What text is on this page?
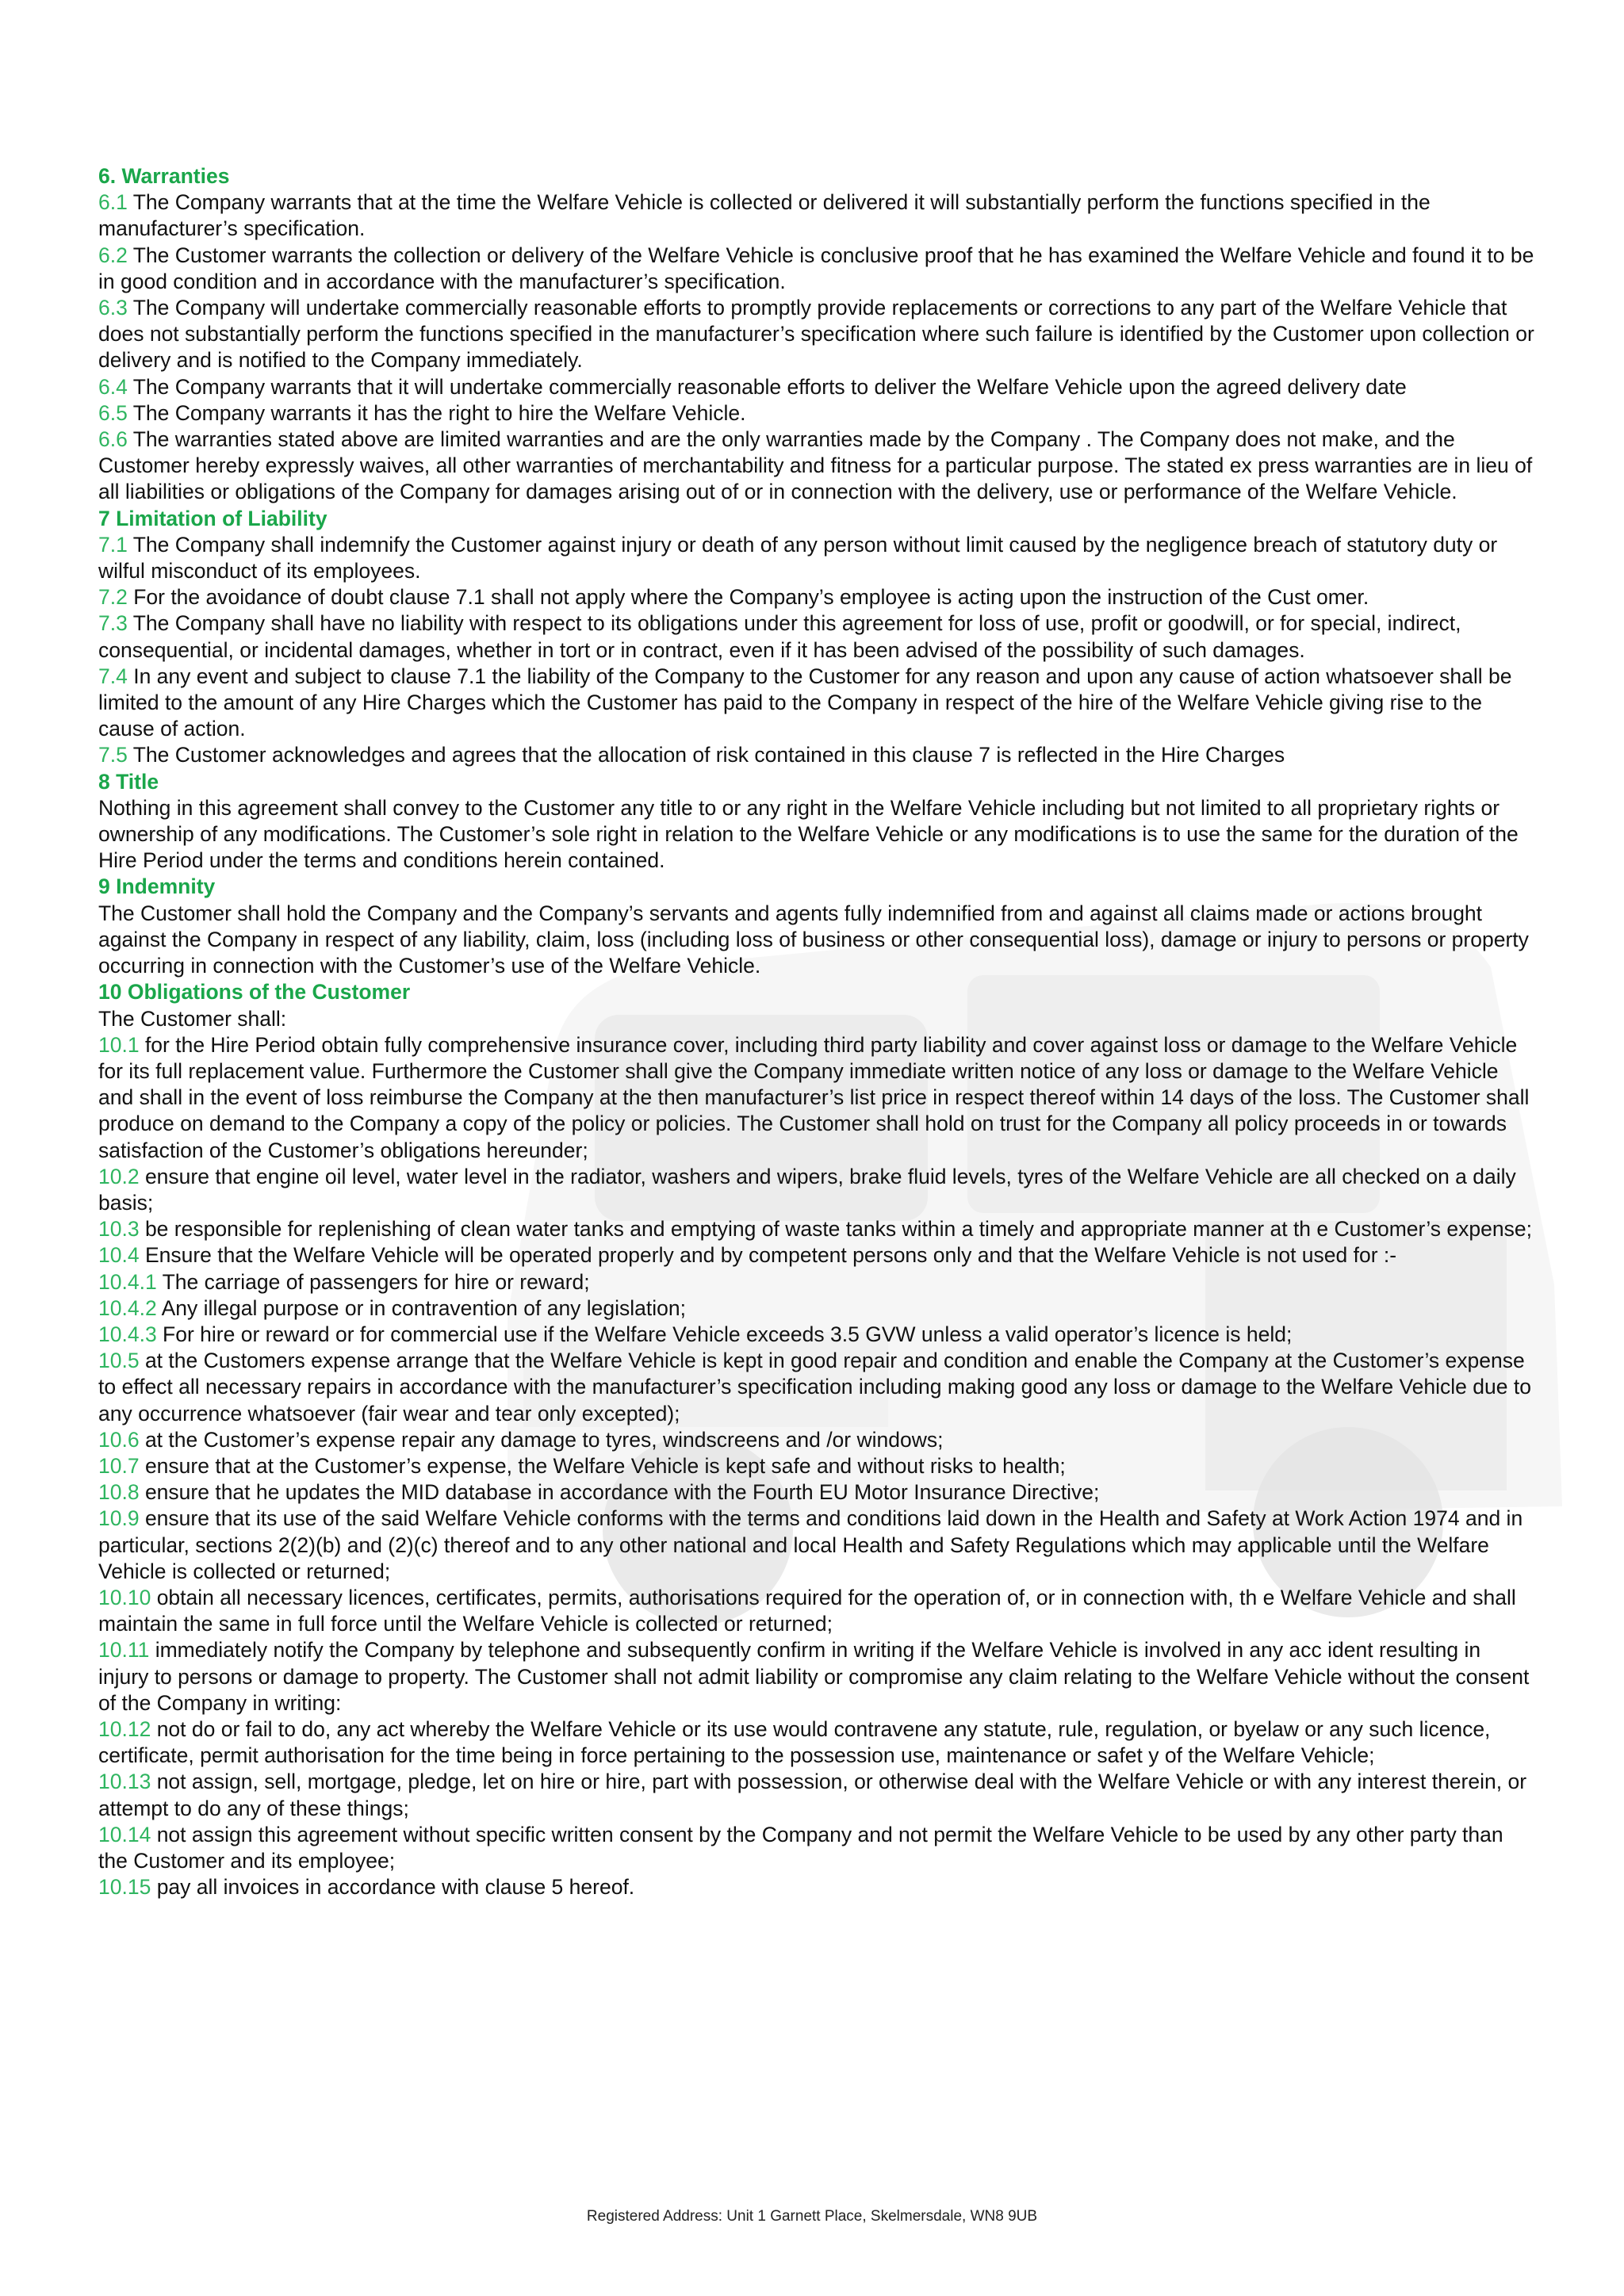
6. Warranties

6.1 The Company warrants that at the time the Welfare Vehicle is collected or delivered it will substantially perform the functions specified in the manufacturer’s specification.

6.2 The Customer warrants the collection or delivery of the Welfare Vehicle is conclusive proof that he has examined the Welfare Vehicle and found it to be in good condition and in accordance with the manufacturer’s specification.

6.3 The Company will undertake commercially reasonable efforts to promptly provide replacements or corrections to any part of the Welfare Vehicle that does not substantially perform the functions specified in the manufacturer’s specification where such failure is identified by the Customer upon collection or delivery and is notified to the Company immediately.

6.4 The Company warrants that it will undertake commercially reasonable efforts to deliver the Welfare Vehicle upon the agreed delivery date

6.5 The Company warrants it has the right to hire the Welfare Vehicle.

6.6 The warranties stated above are limited warranties and are the only warranties made by the Company . The Company does not make, and the Customer hereby expressly waives, all other warranties of merchantability and fitness for a particular purpose. The stated ex press warranties are in lieu of all liabilities or obligations of the Company for damages arising out of or in connection with the delivery, use or performance of the Welfare Vehicle.

7 Limitation of Liability

7.1 The Company shall indemnify the Customer against injury or death of any person without limit caused by the negligence breach of statutory duty or wilful misconduct of its employees.

7.2 For the avoidance of doubt clause 7.1 shall not apply where the Company’s employee is acting upon the instruction of the Cust omer.

7.3 The Company shall have no liability with respect to its obligations under this agreement for loss of use, profit or goodwill, or for special, indirect, consequential, or incidental damages, whether in tort or in contract, even if it has been advised of the possibility of such damages.

7.4 In any event and subject to clause 7.1 the liability of the Company to the Customer for any reason and upon any cause of action whatsoever shall be limited to the amount of any Hire Charges which the Customer has paid to the Company in respect of the hire of the Welfare Vehicle giving rise to the cause of action.

7.5 The Customer acknowledges and agrees that the allocation of risk contained in this clause 7 is reflected in the Hire Charges

8 Title

Nothing in this agreement shall convey to the Customer any title to or any right in the Welfare Vehicle including but not limited to all proprietary rights or ownership of any modifications. The Customer’s sole right in relation to the Welfare Vehicle or any modifications is to use the same for the duration of the Hire Period under the terms and conditions herein contained.

9 Indemnity

The Customer shall hold the Company and the Company’s servants and agents fully indemnified from and against all claims made or actions brought against the Company in respect of any liability, claim, loss (including loss of business or other consequential loss), damage or injury to persons or property occurring in connection with the Customer’s use of the Welfare Vehicle.

10 Obligations of the Customer

The Customer shall:

10.1 for the Hire Period obtain fully comprehensive insurance cover, including third party liability and cover against loss or damage to the Welfare Vehicle for its full replacement value. Furthermore the Customer shall give the Company immediate written notice of any loss or damage to the Welfare Vehicle and shall in the event of loss reimburse the Company at the then manufacturer’s list price in respect thereof within 14 days of the loss. The Customer shall produce on demand to the Company a copy of the policy or policies. The Customer shall hold on trust for the Company all policy proceeds in or towards satisfaction of the Customer’s obligations hereunder;

10.2 ensure that engine oil level, water level in the radiator, washers and wipers, brake fluid levels, tyres of the Welfare Vehicle are all checked on a daily basis;

10.3 be responsible for replenishing of clean water tanks and emptying of waste tanks within a timely and appropriate manner at th e Customer’s expense;

10.4 Ensure that the Welfare Vehicle will be operated properly and by competent persons only and that the Welfare Vehicle is not used for :-

10.4.1 The carriage of passengers for hire or reward;

10.4.2 Any illegal purpose or in contravention of any legislation;

10.4.3 For hire or reward or for commercial use if the Welfare Vehicle exceeds 3.5 GVW unless a valid operator’s licence is held;

10.5 at the Customers expense arrange that the Welfare Vehicle is kept in good repair and condition and enable the Company at the Customer’s expense to effect all necessary repairs in accordance with the manufacturer’s specification including making good any loss or damage to the Welfare Vehicle due to any occurrence whatsoever (fair wear and tear only excepted);

10.6 at the Customer’s expense repair any damage to tyres, windscreens and /or windows;

10.7 ensure that at the Customer’s expense, the Welfare Vehicle is kept safe and without risks to health;

10.8 ensure that he updates the MID database in accordance with the Fourth EU Motor Insurance Directive;

10.9 ensure that its use of the said Welfare Vehicle conforms with the terms and conditions laid down in the Health and Safety at Work Action 1974 and in particular, sections 2(2)(b) and (2)(c) thereof and to any other national and local Health and Safety Regulations which may applicable until the Welfare Vehicle is collected or returned;

10.10 obtain all necessary licences, certificates, permits, authorisations required for the operation of, or in connection with, th e Welfare Vehicle and shall maintain the same in full force until the Welfare Vehicle is collected or returned;

10.11 immediately notify the Company by telephone and subsequently confirm in writing if the Welfare Vehicle is involved in any acc ident resulting in injury to persons or damage to property. The Customer shall not admit liability or compromise any claim relating to the Welfare Vehicle without the consent of the Company in writing:

10.12 not do or fail to do, any act whereby the Welfare Vehicle or its use would contravene any statute, rule, regulation, or byelaw or any such licence, certificate, permit authorisation for the time being in force pertaining to the possession use, maintenance or safet y of the Welfare Vehicle;

10.13 not assign, sell, mortgage, pledge, let on hire or hire, part with possession, or otherwise deal with the Welfare Vehicle or with any interest therein, or attempt to do any of these things;

10.14 not assign this agreement without specific written consent by the Company and not permit the Welfare Vehicle to be used by any other party than the Customer and its employee;

10.15 pay all invoices in accordance with clause 5 hereof.

Registered Address: Unit 1 Garnett Place, Skelmersdale, WN8 9UB
